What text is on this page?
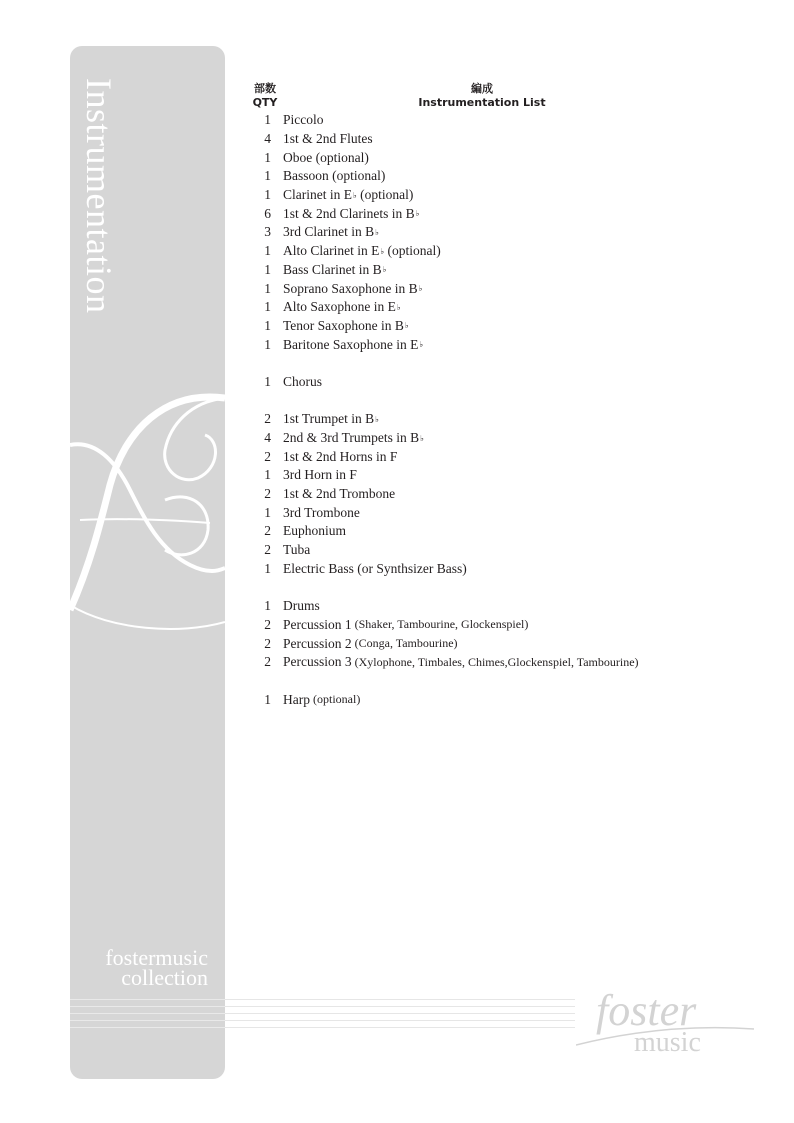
Instrumentation
fostermusic
collection
foster
music
部数
QTY
編成
Instrumentation List
1 Piccolo
4 1st & 2nd Flutes
1 Oboe (optional)
1 Bassoon (optional)
1 Clarinet in E ♭ (optional)
6 1st & 2nd Clarinets in B ♭
3 3rd Clarinet in B ♭
1 Alto Clarinet in E ♭ (optional)
1 Bass Clarinet in B ♭
1 Soprano Saxophone in B ♭
1 Alto Saxophone in E ♭
1 Tenor Saxophone in B ♭
1 Baritone Saxophone in E ♭
1 Chorus
2 1st Trumpet in B ♭
4 2nd & 3rd Trumpets in B ♭
2 1st & 2nd Horns in F
1 3rd Horn in F
2 1st & 2nd Trombone
1 3rd Trombone
2 Euphonium
2 Tuba
1 Electric Bass (or Synthsizer Bass)
1 Drums
2 Percussion 1 (Shaker, Tambourine, Glockenspiel)
2 Percussion 2 (Conga, Tambourine)
2 Percussion 3 (Xylophone, Timbales, Chimes,Glockenspiel, Tambourine)
1 Harp (optional)
